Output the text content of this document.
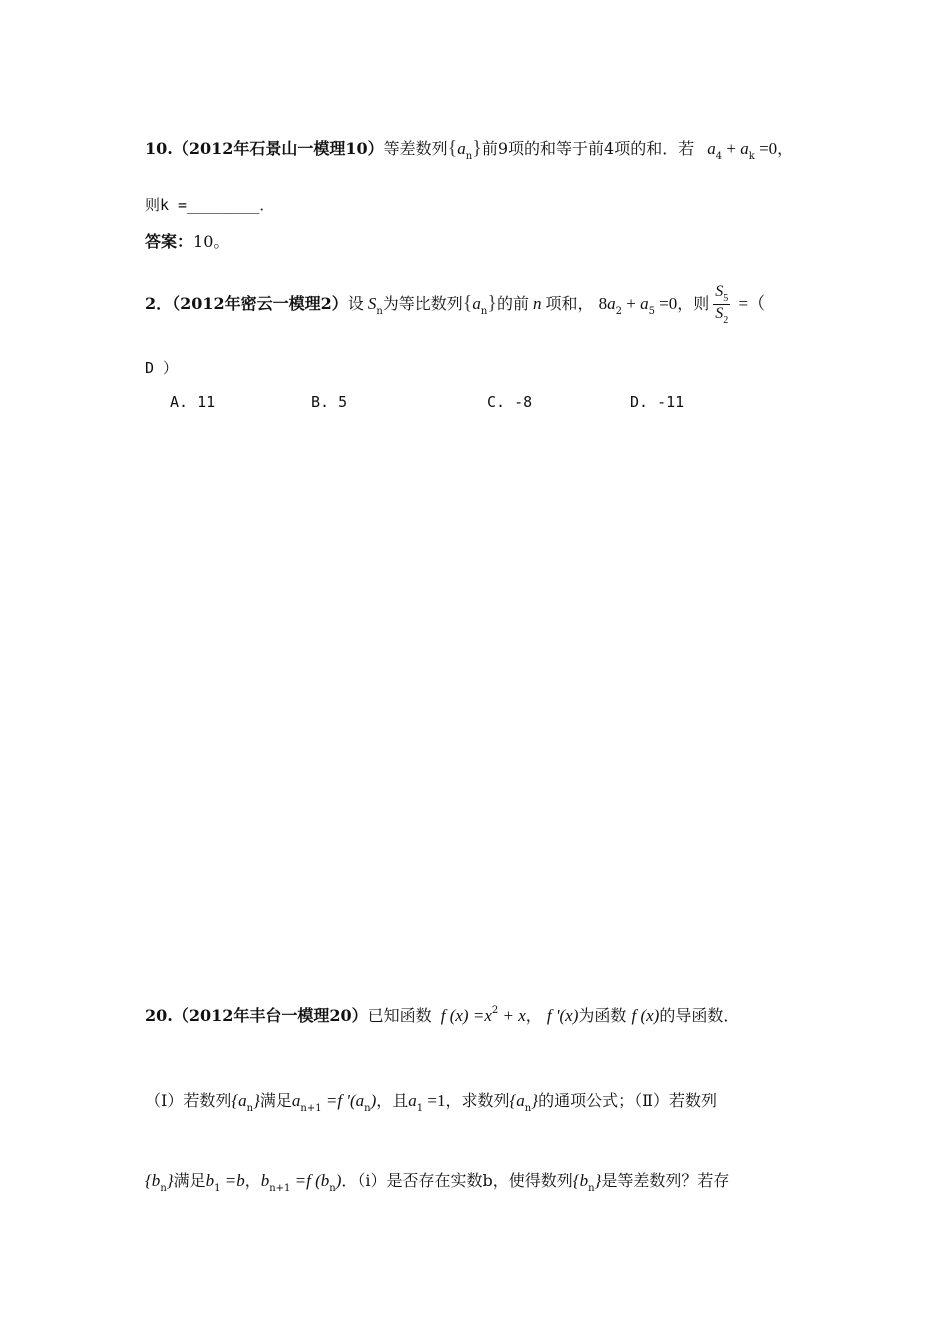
10.（2012年石景山一模理10）等差数列$\{a_n\}$前9项的和等于前4项的和．若 $a_4 + a_k =0$，
则k =________．
答案：10。
2．（2012年密云一模理2）设 $S_n$为等比数列$\{a_n\}$的前 n 项和， $8a_2 + a_5 =0$，则 $\frac{S_5}{S_2}$ =（
D ）
A. 11	B. 5	C. -8	D. -11
20.（2012年丰台一模理20）已知函数 f $(x) =x^2 + x$， f '(x)为函数 f (x)的导函数．
（Ⅰ）若数列$\{a_n\}$满足$a_{n+1} =f$ '$(a_n)$，且$a_1 =1$，求数列$\{a_n\}$的通项公式；（Ⅱ）若数列
$\{b_n\}$满足$b_1 =b$，$b_{n+1} =f$ $(b_n)$．（ⅰ）是否存在实数b，使得数列$\{b_n\}$是等差数列？若存
